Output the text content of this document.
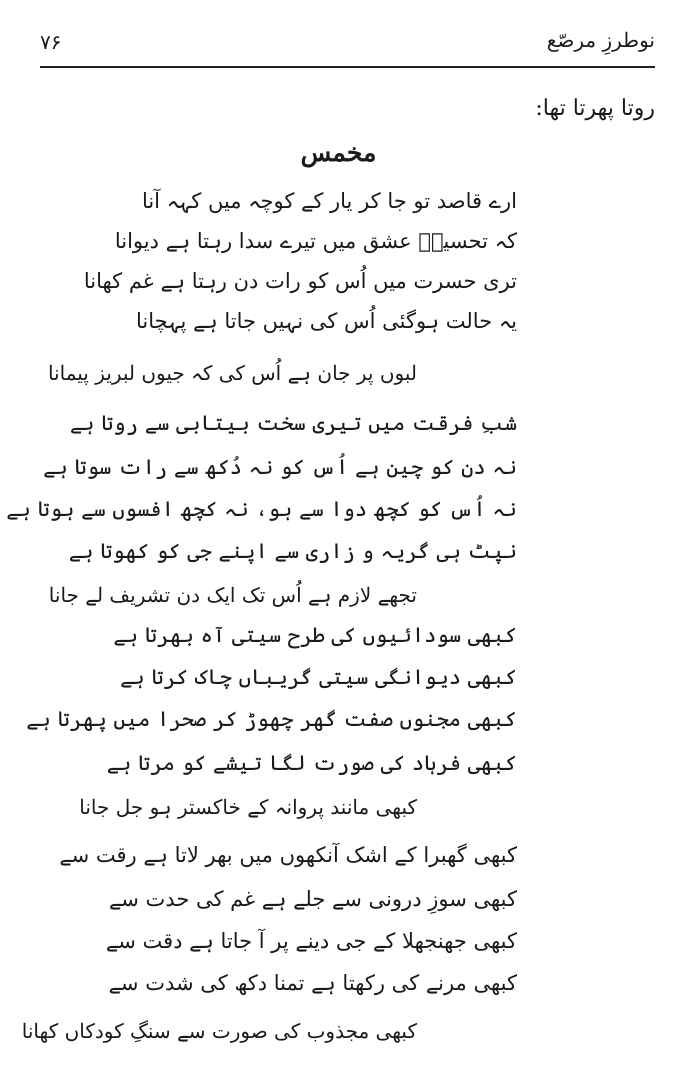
نوطرزِ مرصّع
۷۶
روتا پھرتا تھا:
مخمس
ارے قاصد تو جا کر یار کے کوچہ میں کہہ آنا
کہ تحسینؔ عشق میں تیرے سدا رہتا ہے دیوانا
تری حسرت میں اُس کو رات دن رہتا ہے غم کھانا
یہ حالت ہوگئی اُس کی نہیں جاتا ہے پہچانا
لبوں پر جان ہے اُس کی کہ جیوں لبریز پیمانا
شبِ فرقت میں تیری سخت بیتابی سے روتا ہے
نہ دن کو چین ہے اُس کو نہ دُکھ سے رات سوتا ہے
نہ اُس کو کچھ دوا سے ہو، نہ کچھ افسوں سے ہوتا ہے
نپٹ ہی گریہ و زاری سے اپنے جی کو کھوتا ہے
تجھے لازم ہے اُس تک ایک دن تشریف لے جانا
کبھی سودائیوں کی طرح سیتی آہ بھرتا ہے
کبھی دیوانگی سیتی گریباں چاک کرتا ہے
کبھی مجنوں صفت گھر چھوڑ کر صحرا میں پھرتا ہے
کبھی فرہاد کی صورت لگا تیشے کو مرتا ہے
کبھی مانند پروانہ کے خاکستر ہو جل جانا
کبھی گھبرا کے اشک آنکھوں میں بھر لاتا ہے رقت سے
کبھی سوزِ درونی سے جلے ہے غم کی حدت سے
کبھی جھنجھلا کے جی دینے پر آ جاتا ہے دقت سے
کبھی مرنے کی رکھتا ہے تمنا دکھ کی شدت سے
کبھی مجذوب کی صورت سے سنگِ کودکاں کھانا
